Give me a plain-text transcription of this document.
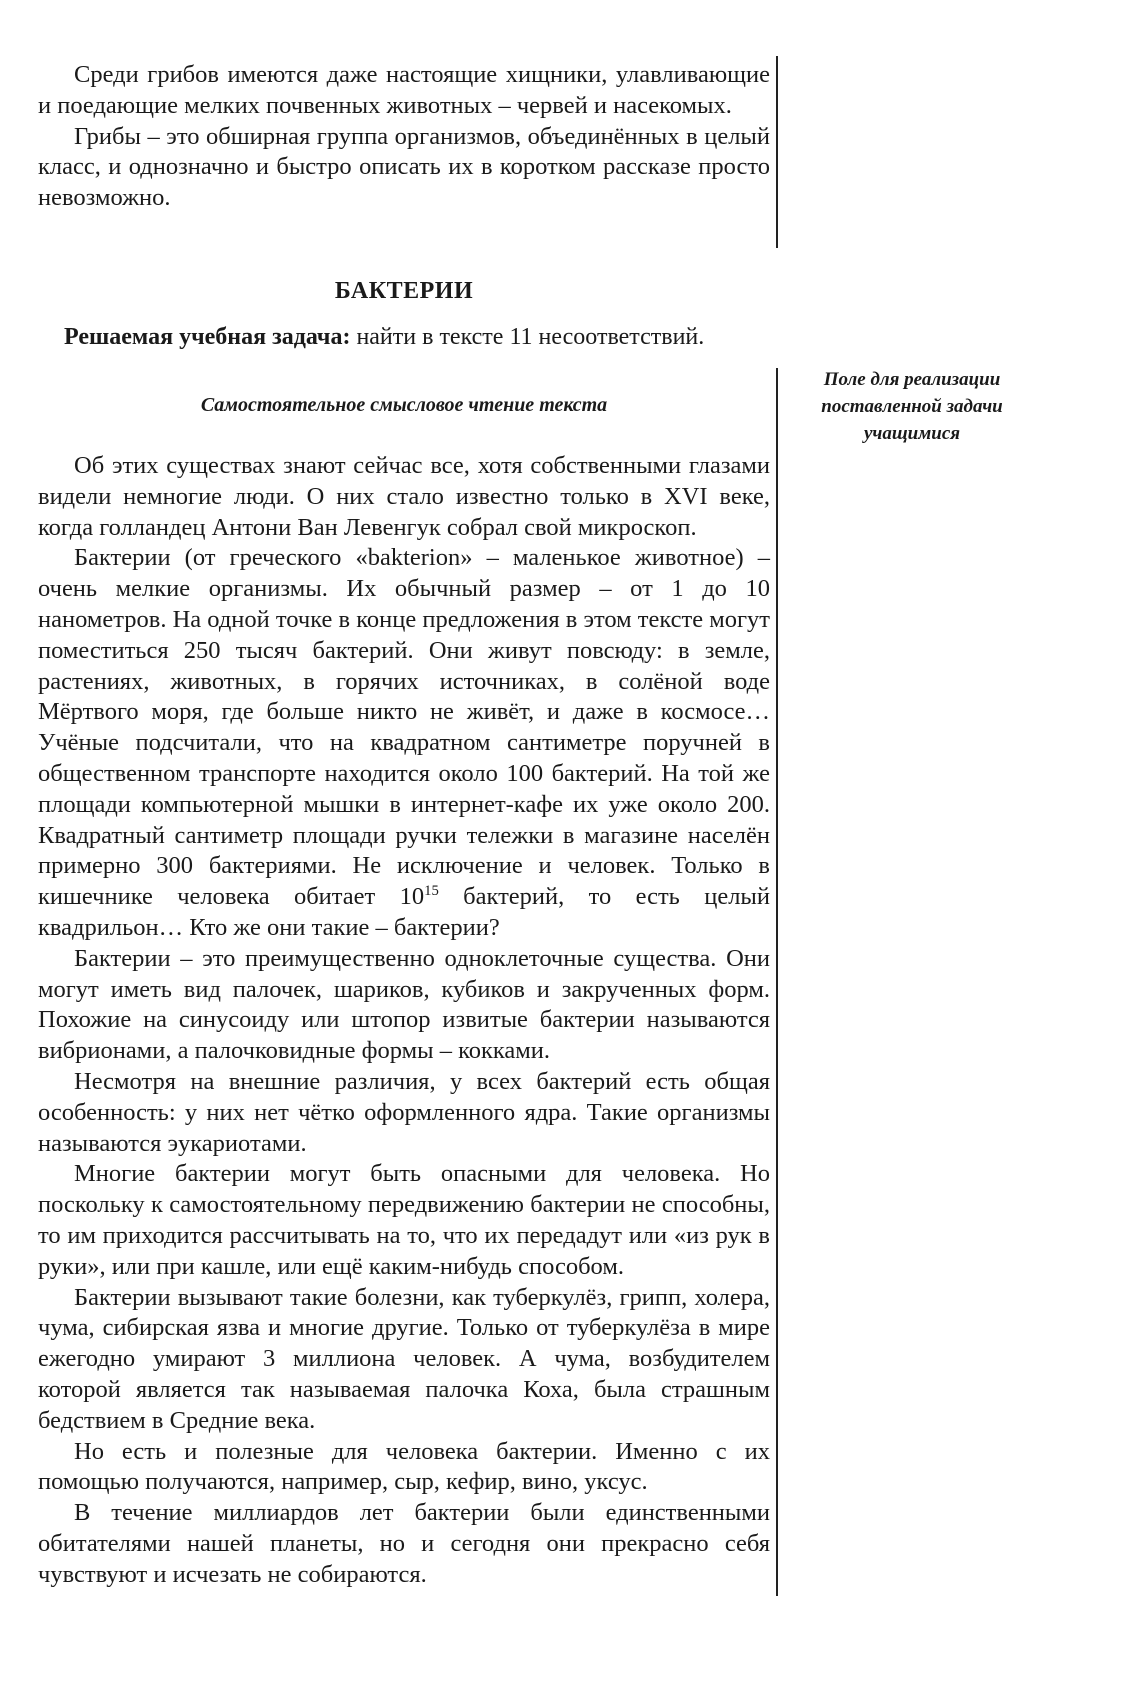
Среди грибов имеются даже настоящие хищники, улавливающие и поедающие мелких почвенных животных – червей и насекомых.

Грибы – это обширная группа организмов, объединённых в целый класс, и однозначно и быстро описать их в коротком рассказе просто невозможно.

БАКТЕРИИ
Решаемая учебная задача: найти в тексте 11 несоответствий.
Самостоятельное смысловое чтение текста
Поле для реализации поставленной задачи учащимися

Об этих существах знают сейчас все, хотя собственными глазами видели немногие люди. О них стало известно только в XVI веке, когда голландец Антони Ван Левенгук собрал свой микроскоп.

Бактерии (от греческого «bakterion» – маленькое животное) – очень мелкие организмы. Их обычный размер – от 1 до 10 нанометров. На одной точке в конце предложения в этом тексте могут поместиться 250 тысяч бактерий. Они живут повсюду: в земле, растениях, животных, в горячих источниках, в солёной воде Мёртвого моря, где больше никто не живёт, и даже в космосе… Учёные подсчитали, что на квадратном сантиметре поручней в общественном транспорте находится около 100 бактерий. На той же площади компьютерной мышки в интернет-кафе их уже около 200. Квадратный сантиметр площади ручки тележки в магазине населён примерно 300 бактериями. Не исключение и человек. Только в кишечнике человека обитает $10^{15}$ бактерий, то есть целый квадрильон… Кто же они такие – бактерии?

Бактерии – это преимущественно одноклеточные существа. Они могут иметь вид палочек, шариков, кубиков и закрученных форм. Похожие на синусоиду или штопор извитые бактерии называются вибрионами, а палочковидные формы – кокками.

Несмотря на внешние различия, у всех бактерий есть общая особенность: у них нет чётко оформленного ядра. Такие организмы называются эукариотами.

Многие бактерии могут быть опасными для человека. Но поскольку к самостоятельному передвижению бактерии не способны, то им приходится рассчитывать на то, что их передадут или «из рук в руки», или при кашле, или ещё каким-нибудь способом.

Бактерии вызывают такие болезни, как туберкулёз, грипп, холера, чума, сибирская язва и многие другие. Только от туберкулёза в мире ежегодно умирают 3 миллиона человек. А чума, возбудителем которой является так называемая палочка Коха, была страшным бедствием в Средние века.

Но есть и полезные для человека бактерии. Именно с их помощью получаются, например, сыр, кефир, вино, уксус.

В течение миллиардов лет бактерии были единственными обитателями нашей планеты, но и сегодня они прекрасно себя чувствуют и исчезать не собираются.
